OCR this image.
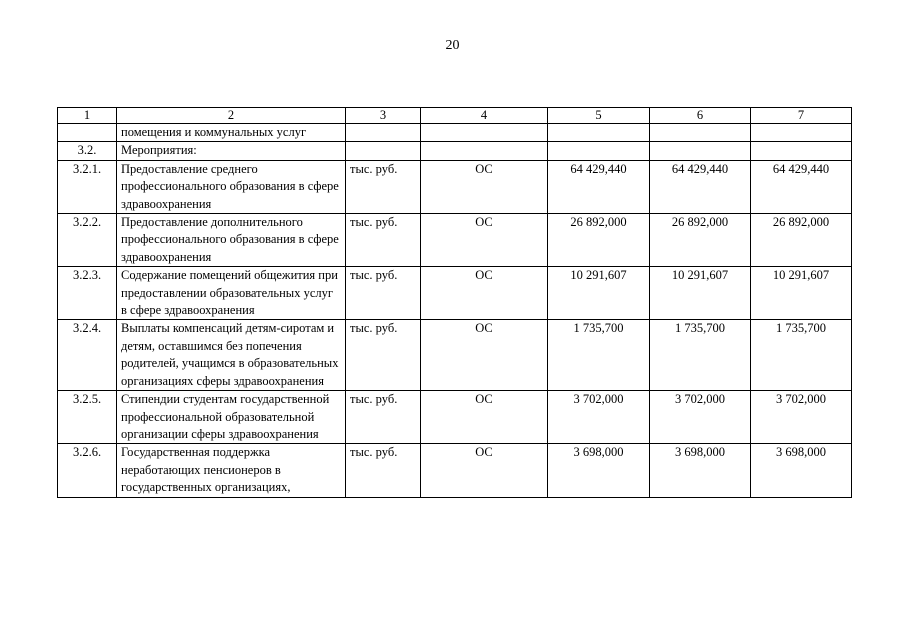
20
1	2	3	4	5	6	7
	помещения и коммунальных услуг					
3.2.	Мероприятия:					
3.2.1.	Предоставление среднего профессионального образования в сфере здравоохранения	тыс. руб.	ОС	64 429,440	64 429,440	64 429,440
3.2.2.	Предоставление дополнительного профессионального образования в сфере здравоохранения	тыс. руб.	ОС	26 892,000	26 892,000	26 892,000
3.2.3.	Содержание помещений общежития при предоставлении образовательных услуг в сфере здравоохранения	тыс. руб.	ОС	10 291,607	10 291,607	10 291,607
3.2.4.	Выплаты компенсаций детям-сиротам и детям, оставшимся без попечения родителей, учащимся в образовательных организациях сферы здравоохранения	тыс. руб.	ОС	1 735,700	1 735,700	1 735,700
3.2.5.	Стипендии студентам государственной профессиональной образовательной организации сферы здравоохранения	тыс. руб.	ОС	3 702,000	3 702,000	3 702,000
3.2.6.	Государственная поддержка неработающих пенсионеров в государственных организациях,	тыс. руб.	ОС	3 698,000	3 698,000	3 698,000
